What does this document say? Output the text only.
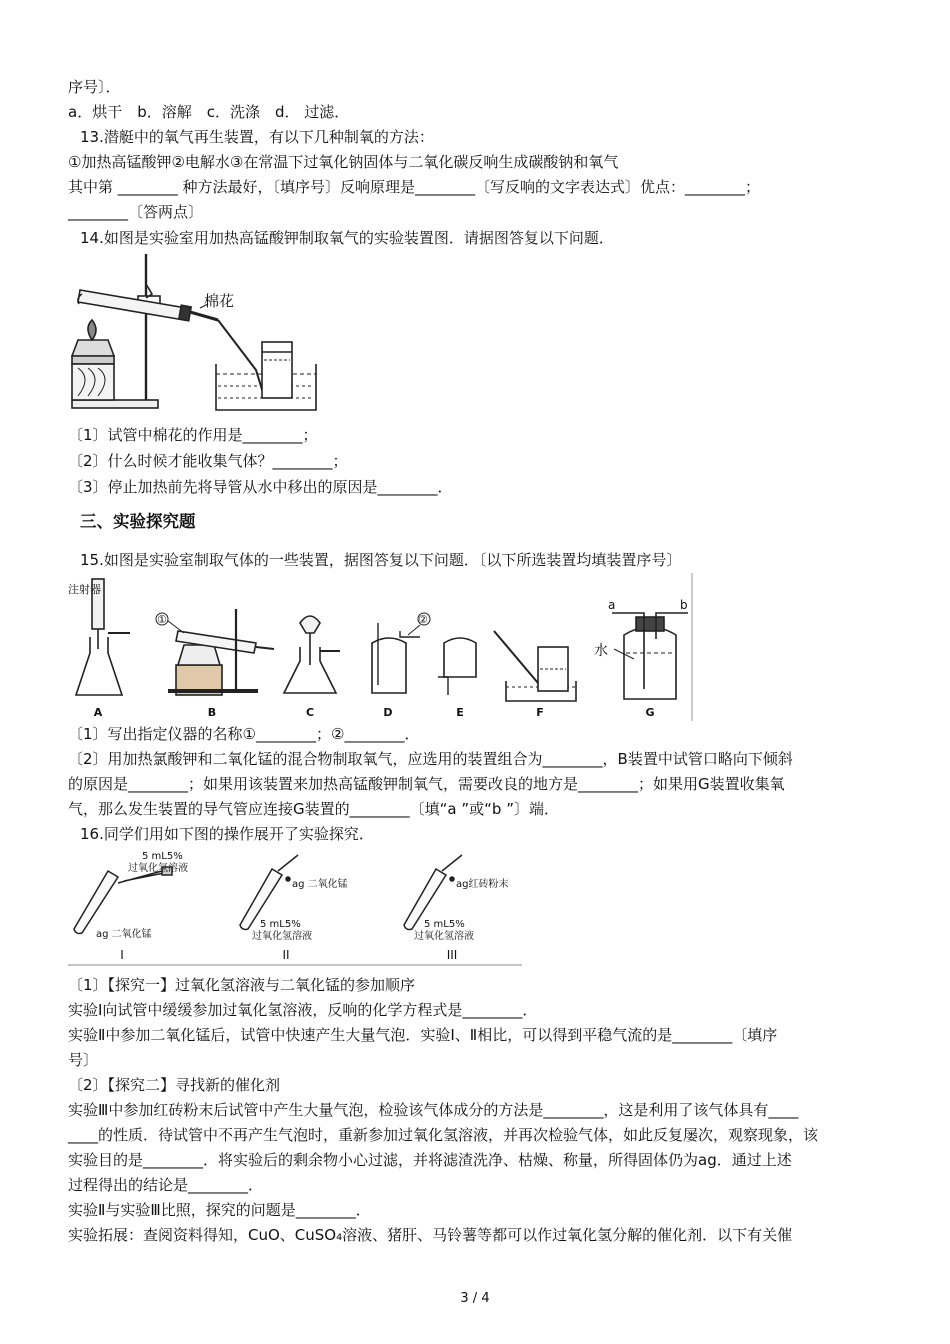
序号〕．
a．烘干　b．溶解　c．洗涤　d． 过滤．
13.潜艇中的氧气再生装置，有以下几种制氧的方法：
①加热高锰酸钾②电解水③在常温下过氧化钠固体与二氧化碳反响生成碳酸钠和氧气
其中第 ________ 种方法最好，〔填序号〕反响原理是________〔写反响的文字表达式〕优点：________；
________〔答两点〕
14.如图是实验室用加热高锰酸钾制取氧气的实验装置图．请据图答复以下问题．
棉花
〔1〕试管中棉花的作用是________；
〔2〕什么时候才能收集气体？________；
〔3〕停止加热前先将导管从水中移出的原因是________．
三、实验探究题
15.如图是实验室制取气体的一些装置，据图答复以下问题．〔以下所选装置均填装置序号〕
注射器
①	②
水
a	b
A	B	C	D	E	F	G
〔1〕写出指定仪器的名称①________；②________．
〔2〕用加热氯酸钾和二氧化锰的混合物制取氧气，应选用的装置组合为________，B装置中试管口略向下倾斜
的原因是________；如果用该装置来加热高锰酸钾制氧气，需要改良的地方是________；如果用G装置收集氧
气，那么发生装置的导气管应连接G装置的________〔填“a ”或“b ”〕端．
16.同学们用如下图的操作展开了实验探究．
5 mL5%
过氧化氢溶液
ag 二氧化锰
ag 二氧化锰
5 mL5%
过氧化氢溶液
ag红砖粉末
5 mL5%
过氧化氢溶液
I	II	III
〔1〕【探究一】过氧化氢溶液与二氧化锰的参加顺序
实验Ⅰ向试管中缓缓参加过氧化氢溶液，反响的化学方程式是________．
实验Ⅱ中参加二氧化锰后，试管中快速产生大量气泡．实验Ⅰ、Ⅱ相比，可以得到平稳气流的是________〔填序
号〕
〔2〕【探究二】寻找新的催化剂
实验Ⅲ中参加红砖粉末后试管中产生大量气泡，检验该气体成分的方法是________，这是利用了该气体具有____
____的性质．待试管中不再产生气泡时，重新参加过氧化氢溶液，并再次检验气体，如此反复屡次，观察现象，该
实验目的是________．将实验后的剩余物小心过滤，并将滤渣洗净、枯燥、称量，所得固体仍为ag．通过上述
过程得出的结论是________．
实验Ⅱ与实验Ⅲ比照，探究的问题是________．
实验拓展：查阅资料得知，CuO、CuSO₄溶液、猪肝、马铃薯等都可以作过氧化氢分解的催化剂．以下有关催
3 / 4
